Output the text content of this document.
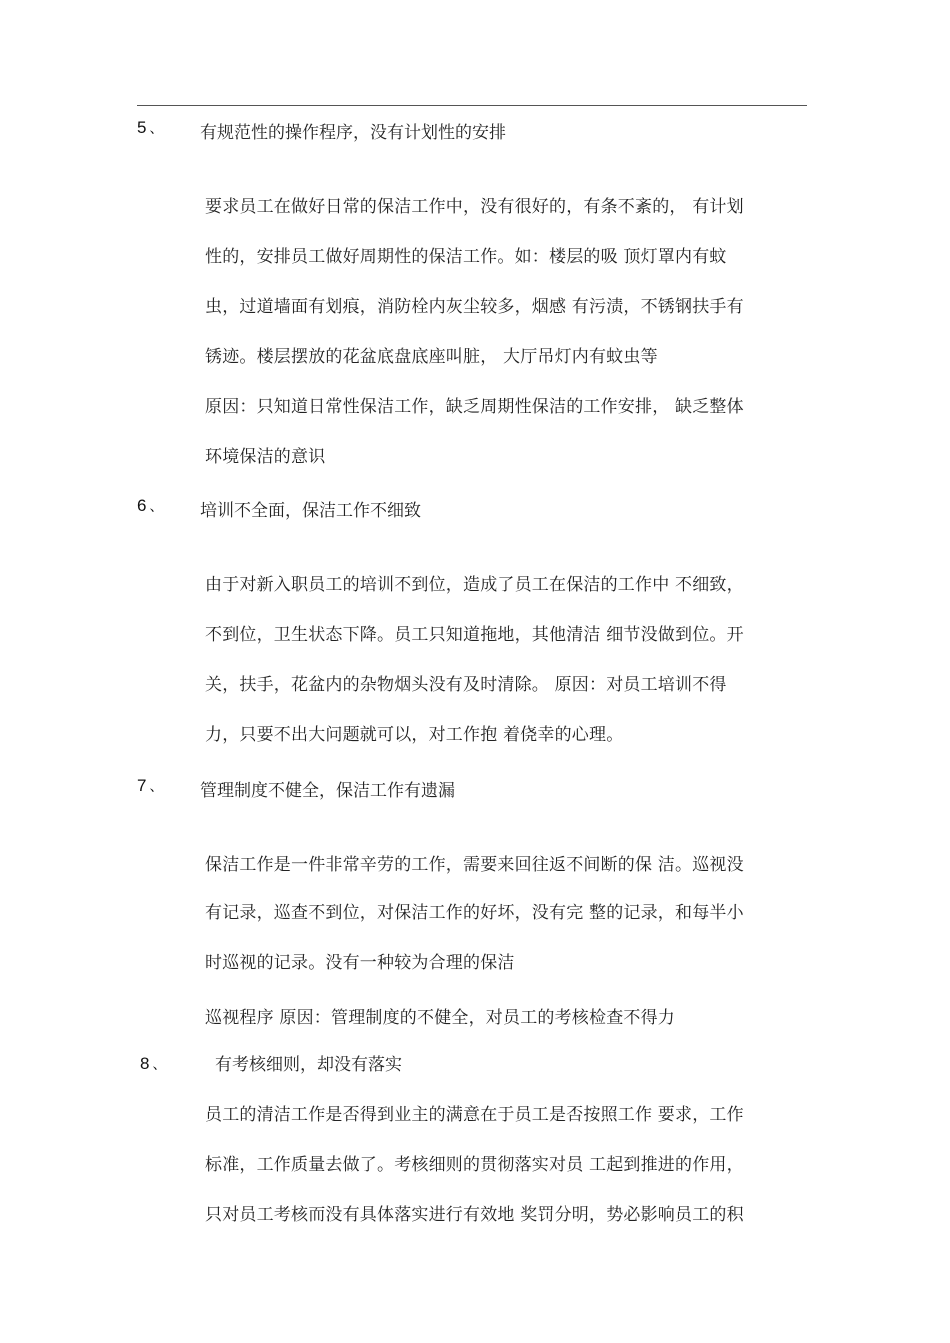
5 、 有规范性的操作程序，没有计划性的安排
要求员工在做好日常的保洁工作中，没有很好的，有条不紊的， 有计划
性的，安排员工做好周期性的保洁工作。如：楼层的吸 顶灯罩内有蚊
虫，过道墙面有划痕，消防栓内灰尘较多，烟感 有污渍，不锈钢扶手有
锈迹。楼层摆放的花盆底盘底座叫脏， 大厅吊灯内有蚊虫等
原因：只知道日常性保洁工作，缺乏周期性保洁的工作安排， 缺乏整体
环境保洁的意识
6 、 培训不全面，保洁工作不细致
由于对新入职员工的培训不到位，造成了员工在保洁的工作中 不细致，
不到位，卫生状态下降。员工只知道拖地，其他清洁 细节没做到位。开
关，扶手，花盆内的杂物烟头没有及时清除。 原因：对员工培训不得
力，只要不出大问题就可以，对工作抱 着侥幸的心理。
7 、 管理制度不健全，保洁工作有遗漏
保洁工作是一件非常辛劳的工作，需要来回往返不间断的保 洁。巡视没
有记录，巡查不到位，对保洁工作的好坏，没有完 整的记录，和每半小
时巡视的记录。没有一种较为合理的保洁
巡视程序 原因：管理制度的不健全，对员工的考核检查不得力
8 、	有考核细则，却没有落实
员工的清洁工作是否得到业主的满意在于员工是否按照工作 要求，工作
标准，工作质量去做了。考核细则的贯彻落实对员 工起到推进的作用，
只对员工考核而没有具体落实进行有效地 奖罚分明，势必影响员工的积
